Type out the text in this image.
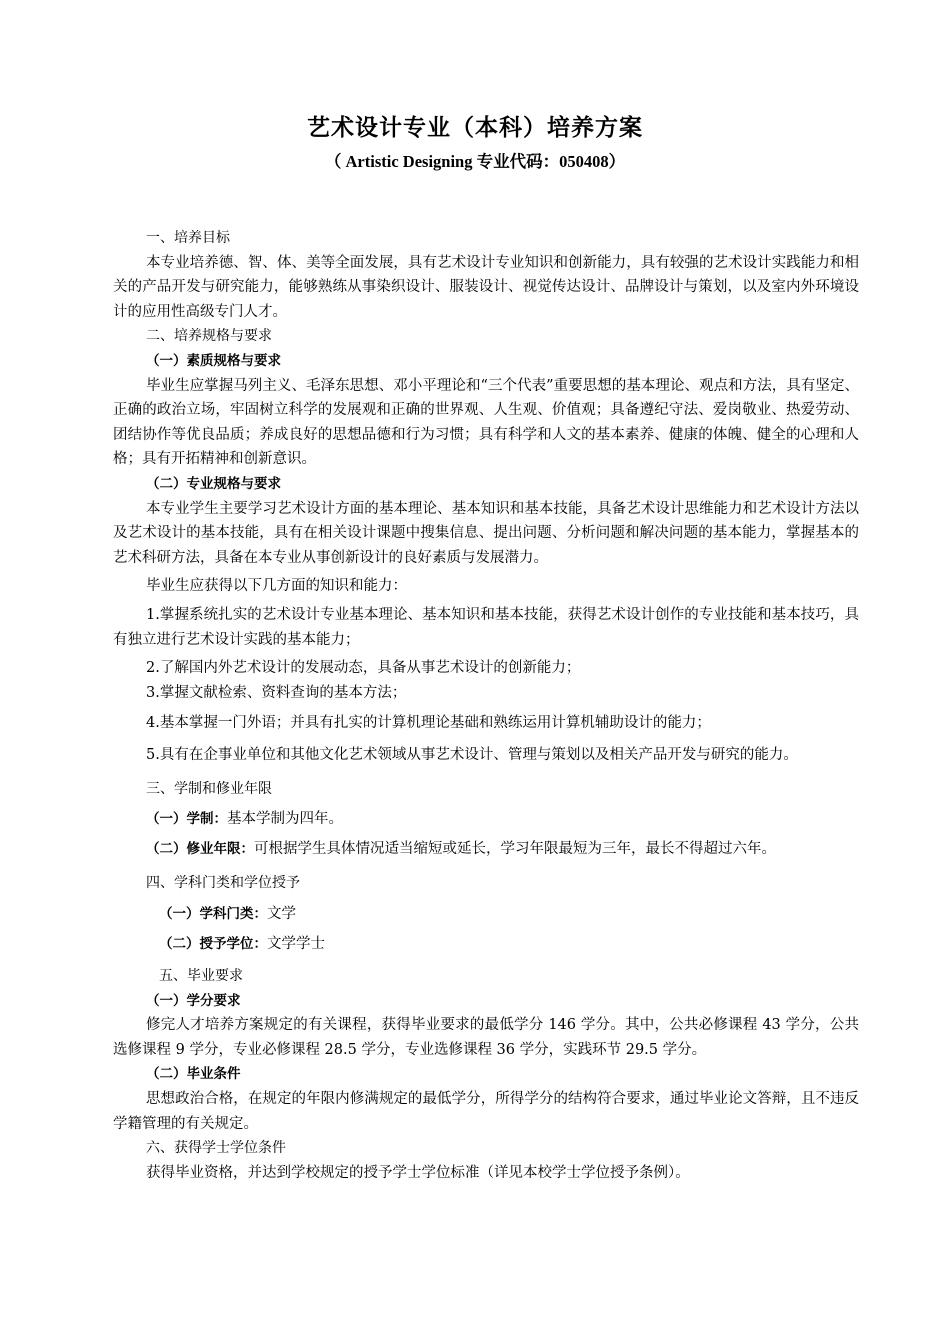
艺术设计专业（本科）培养方案
（ Artistic Designing 专业代码：050408）

一、培养目标

本专业培养德、智、体、美等全面发展，具有艺术设计专业知识和创新能力，具有较强的艺术设计实践能力和相关的产品开发与研究能力，能够熟练从事染织设计、服装设计、视觉传达设计、品牌设计与策划，以及室内外环境设计的应用性高级专门人才。

二、培养规格与要求

（一）素质规格与要求

毕业生应掌握马列主义、毛泽东思想、邓小平理论和“三个代表”重要思想的基本理论、观点和方法，具有坚定、正确的政治立场，牢固树立科学的发展观和正确的世界观、人生观、价值观；具备遵纪守法、爱岗敬业、热爱劳动、团结协作等优良品质；养成良好的思想品德和行为习惯；具有科学和人文的基本素养、健康的体魄、健全的心理和人格；具有开拓精神和创新意识。

（二）专业规格与要求

本专业学生主要学习艺术设计方面的基本理论、基本知识和基本技能，具备艺术设计思维能力和艺术设计方法以及艺术设计的基本技能，具有在相关设计课题中搜集信息、提出问题、分析问题和解决问题的基本能力，掌握基本的艺术科研方法，具备在本专业从事创新设计的良好素质与发展潜力。

毕业生应获得以下几方面的知识和能力：

1.掌握系统扎实的艺术设计专业基本理论、基本知识和基本技能，获得艺术设计创作的专业技能和基本技巧，具有独立进行艺术设计实践的基本能力；

2.了解国内外艺术设计的发展动态，具备从事艺术设计的创新能力；

3.掌握文献检索、资料查询的基本方法；

4.基本掌握一门外语；并具有扎实的计算机理论基础和熟练运用计算机辅助设计的能力；

5.具有在企事业单位和其他文化艺术领域从事艺术设计、管理与策划以及相关产品开发与研究的能力。

三、学制和修业年限

（一）学制：基本学制为四年。

（二）修业年限：可根据学生具体情况适当缩短或延长，学习年限最短为三年，最长不得超过六年。

四、学科门类和学位授予

（一）学科门类：文学

（二）授予学位：文学学士

五、毕业要求

（一）学分要求

修完人才培养方案规定的有关课程，获得毕业要求的最低学分 146 学分。其中，公共必修课程 43 学分，公共选修课程 9 学分，专业必修课程 28.5 学分，专业选修课程 36 学分，实践环节 29.5 学分。

（二）毕业条件

思想政治合格，在规定的年限内修满规定的最低学分，所得学分的结构符合要求，通过毕业论文答辩，且不违反学籍管理的有关规定。

六、获得学士学位条件

获得毕业资格，并达到学校规定的授予学士学位标准（详见本校学士学位授予条例）。
